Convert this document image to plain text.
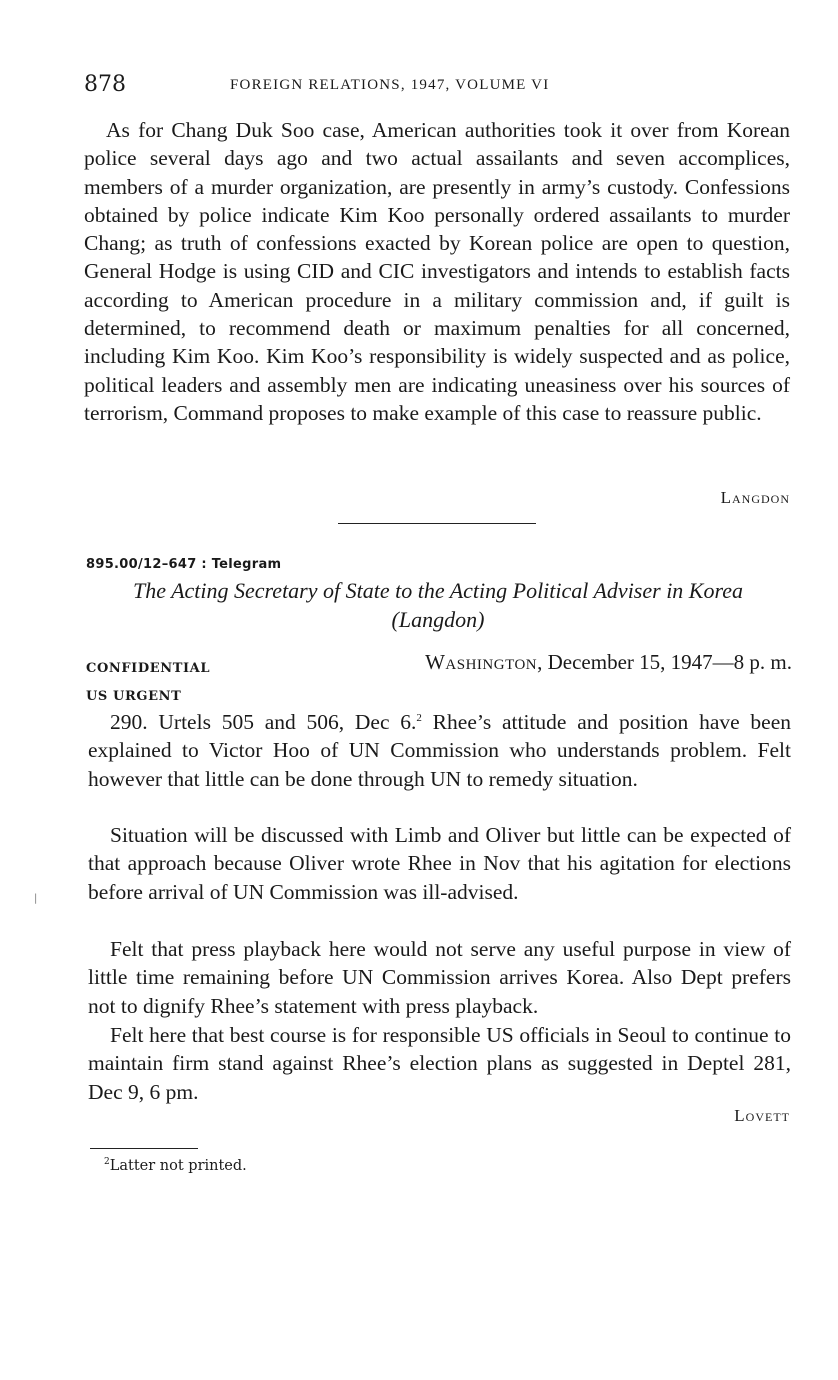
878	FOREIGN RELATIONS, 1947, VOLUME VI

As for Chang Duk Soo case, American authorities took it over from Korean police several days ago and two actual assailants and seven accomplices, members of a murder organization, are presently in army’s custody. Confessions obtained by police indicate Kim Koo personally ordered assailants to murder Chang; as truth of confessions exacted by Korean police are open to question, General Hodge is using CID and CIC investigators and intends to establish facts according to American procedure in a military commission and, if guilt is determined, to recommend death or maximum penalties for all concerned, including Kim Koo. Kim Koo’s responsibility is widely suspected and as police, political leaders and assembly men are indicating uneasiness over his sources of terrorism, Command proposes to make example of this case to reassure public.

Langdon
895.00/12–647 : Telegram
The Acting Secretary of State to the Acting Political Adviser in Korea
(Langdon)
CONFIDENTIAL
US URGENT
Washington, December 15, 1947—8 p. m.

290. Urtels 505 and 506, Dec 6.$^2$ Rhee’s attitude and position have been explained to Victor Hoo of UN Commission who understands problem. Felt however that little can be done through UN to remedy situation.

Situation will be discussed with Limb and Oliver but little can be expected of that approach because Oliver wrote Rhee in Nov that his agitation for elections before arrival of UN Commission was ill-advised.

Felt that press playback here would not serve any useful purpose in view of little time remaining before UN Commission arrives Korea. Also Dept prefers not to dignify Rhee’s statement with press playback.

Felt here that best course is for responsible US officials in Seoul to continue to maintain firm stand against Rhee’s election plans as suggested in Deptel 281, Dec 9, 6 pm.

Lovett
$^2$Latter not printed.
|
